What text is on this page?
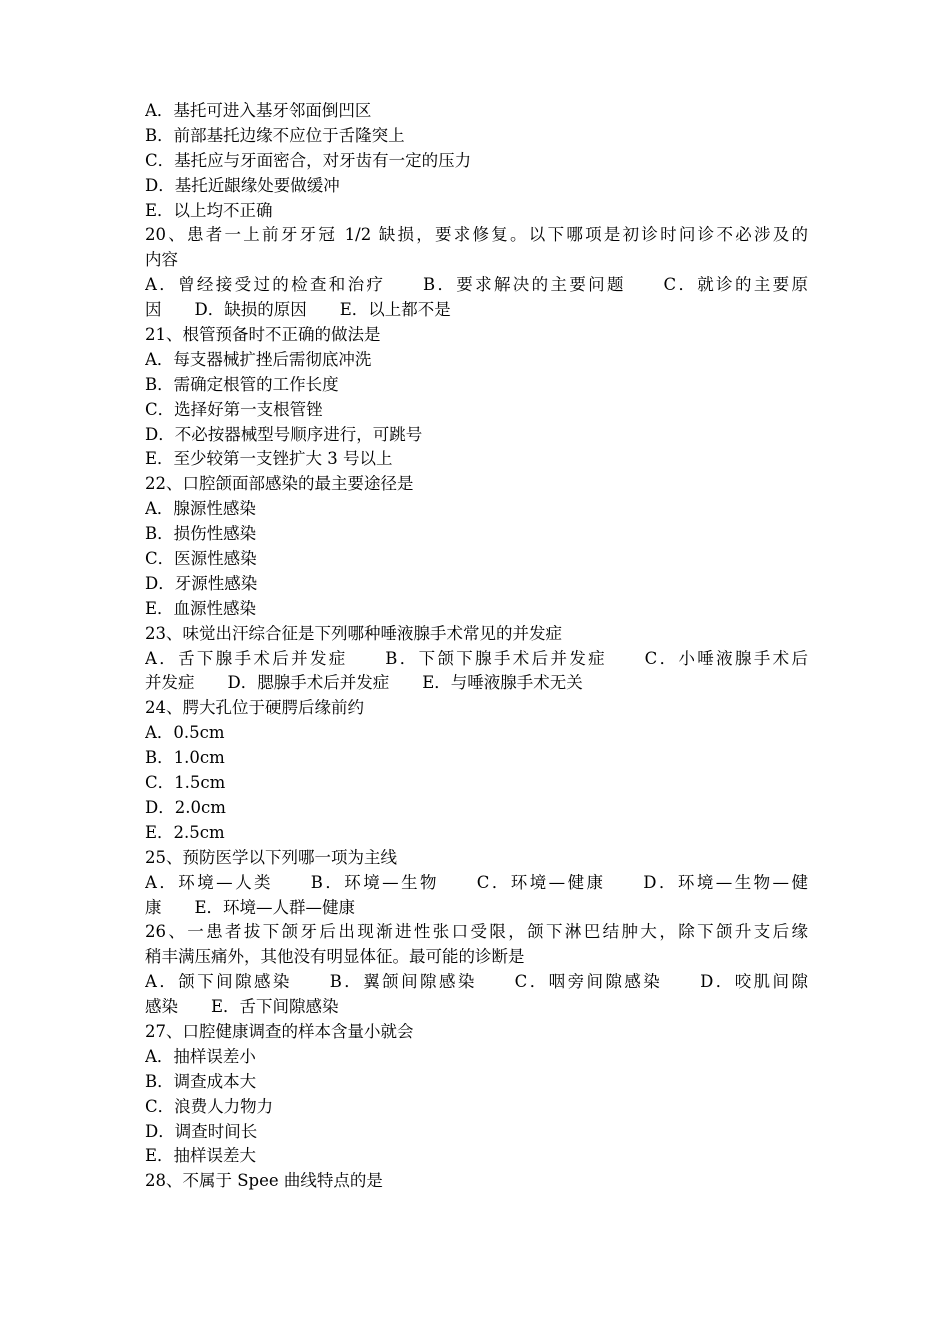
A．基托可进入基牙邻面倒凹区
B．前部基托边缘不应位于舌隆突上
C．基托应与牙面密合，对牙齿有一定的压力
D．基托近龈缘处要做缓冲
E．以上均不正确
20、患者一上前牙牙冠 1/2 缺损，要求修复。以下哪项是初诊时问诊不必涉及的
内容
A．曾经接受过的检查和治疗　　B．要求解决的主要问题　　C．就诊的主要原
因　　D．缺损的原因　　E．以上都不是
21、根管预备时不正确的做法是
A．每支器械扩挫后需彻底冲洗
B．需确定根管的工作长度
C．选择好第一支根管锉
D．不必按器械型号顺序进行，可跳号
E．至少较第一支锉扩大 3 号以上
22、口腔颌面部感染的最主要途径是
A．腺源性感染
B．损伤性感染
C．医源性感染
D．牙源性感染
E．血源性感染
23、味觉出汗综合征是下列哪种唾液腺手术常见的并发症
A．舌下腺手术后并发症　　B．下颌下腺手术后并发症　　C．小唾液腺手术后
并发症　　D．腮腺手术后并发症　　E．与唾液腺手术无关
24、腭大孔位于硬腭后缘前约
A．0.5cm
B．1.0cm
C．1.5cm
D．2.0cm
E．2.5cm
25、预防医学以下列哪一项为主线
A．环境—人类　　B．环境—生物　　C．环境—健康　　D．环境—生物—健
康　　E．环境—人群—健康
26、一患者拔下颌牙后出现渐进性张口受限，颌下淋巴结肿大，除下颌升支后缘
稍丰满压痛外，其他没有明显体征。最可能的诊断是
A．颌下间隙感染　　B．翼颌间隙感染　　C．咽旁间隙感染　　D．咬肌间隙
感染　　E．舌下间隙感染
27、口腔健康调查的样本含量小就会
A．抽样误差小
B．调查成本大
C．浪费人力物力
D．调查时间长
E．抽样误差大
28、不属于 Spee 曲线特点的是
